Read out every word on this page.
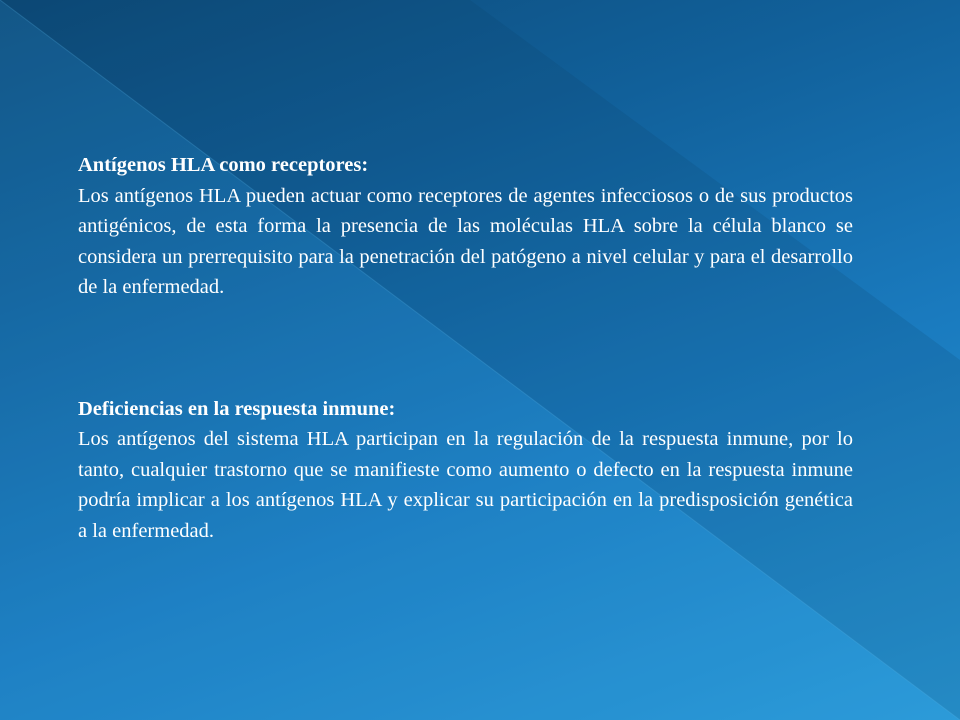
Antígenos HLA como receptores:

Los antígenos HLA pueden actuar como receptores de agentes infecciosos o de sus productos antigénicos, de esta forma la presencia de las moléculas HLA sobre la célula blanco se considera un prerrequisito para la penetración del patógeno a nivel celular y para el desarrollo de la enfermedad.

Deficiencias en la respuesta inmune:

Los antígenos del sistema HLA participan en la regulación de la respuesta inmune, por lo tanto, cualquier trastorno que se manifieste como aumento o defecto en la respuesta inmune podría implicar a los antígenos HLA y explicar su participación en la predisposición genética a la enfermedad.
